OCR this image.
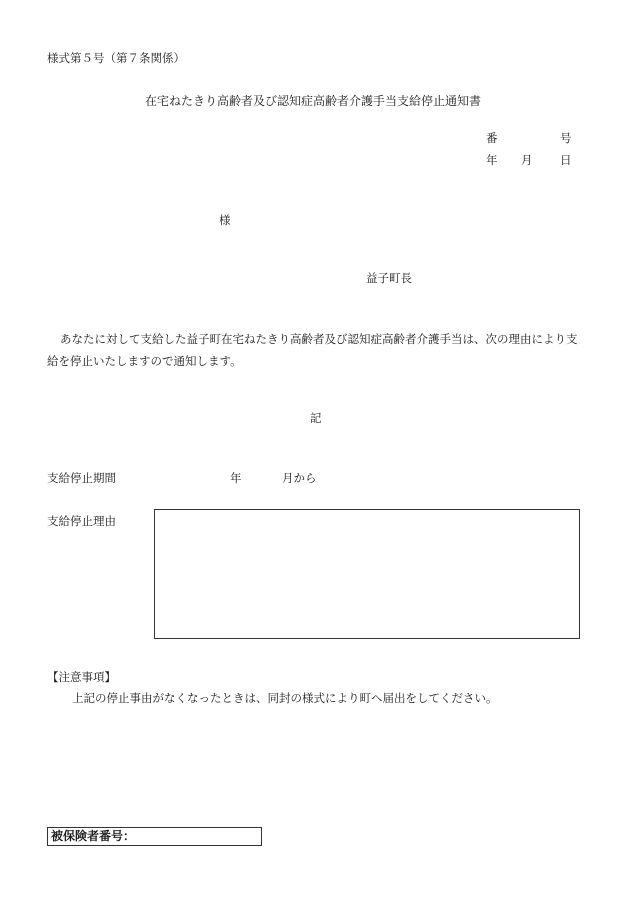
様式第５号（第７条関係）
在宅ねたきり高齢者及び認知症高齢者介護手当支給停止通知書
番	号
年 月 日
様
益子町長
あなたに対して支給した益子町在宅ねたきり高齢者及び認知症高齢者介護手当は、次の理由により支給を停止いたしますので通知します。
記
支給停止期間	年	月から
支給停止理由
【注意事項】
上記の停止事由がなくなったときは、同封の様式により町へ届出をしてください。
被保険者番号：
